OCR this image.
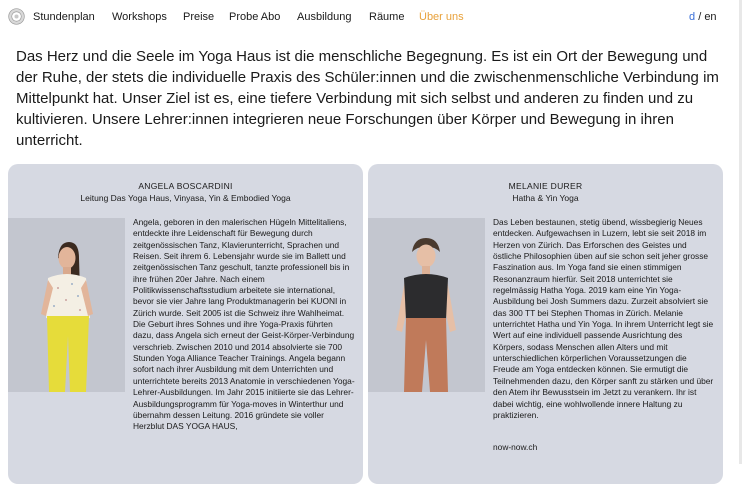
Stundenplan Workshops Preise Probe Abo Ausbildung Räume Über uns	d / en

Das Herz und die Seele im Yoga Haus ist die menschliche Begegnung. Es ist ein Ort der Bewegung und der Ruhe, der stets die individuelle Praxis des Schüler:innen und die zwischenmenschliche Verbindung im Mittelpunkt hat. Unser Ziel ist es, eine tiefere Verbindung mit sich selbst und anderen zu finden und zu kultivieren. Unsere Lehrer:innen integrieren neue Forschungen über Körper und Bewegung in ihren unterricht.

ANGELA BOSCARDINI
Leitung Das Yoga Haus, Vinyasa, Yin & Embodied Yoga

Angela, geboren in den malerischen Hügeln Mittelitaliens, entdeckte ihre Leidenschaft für Bewegung durch zeitgenössischen Tanz, Klavierunterricht, Sprachen und Reisen. Seit ihrem 6. Lebensjahr wurde sie im Ballett und zeitgenössischen Tanz geschult, tanzte professionell bis in ihre frühen 20er Jahre. Nach einem Politikwissenschaftsstudium arbeitete sie international, bevor sie vier Jahre lang Produktmanagerin bei KUONI in Zürich wurde. Seit 2005 ist die Schweiz ihre Wahlheimat. Die Geburt ihres Sohnes und ihre Yoga-Praxis führten dazu, dass Angela sich erneut der Geist-Körper-Verbindung verschrieb. Zwischen 2010 und 2014 absolvierte sie 700 Stunden Yoga Alliance Teacher Trainings. Angela begann sofort nach ihrer Ausbildung mit dem Unterrichten und unterrichtete bereits 2013 Anatomie in verschiedenen Yoga-Lehrer-Ausbildungen. Im Jahr 2015 initiierte sie das Lehrer-Ausbildungsprogramm für Yoga-moves in Winterthur und übernahm dessen Leitung. 2016 gründete sie voller Herzblut DAS YOGA HAUS,

MELANIE DURER
Hatha & Yin Yoga

Das Leben bestaunen, stetig übend, wissbegierig Neues entdecken. Aufgewachsen in Luzern, lebt sie seit 2018 im Herzen von Zürich. Das Erforschen des Geistes und östliche Philosophien üben auf sie schon seit jeher grosse Faszination aus. Im Yoga fand sie einen stimmigen Resonanzraum hierfür. Seit 2018 unterrichtet sie regelmässig Hatha Yoga. 2019 kam eine Yin Yoga-Ausbildung bei Josh Summers dazu. Zurzeit absolviert sie das 300 TT bei Stephen Thomas in Zürich. Melanie unterrichtet Hatha und Yin Yoga. In ihrem Unterricht legt sie Wert auf eine individuell passende Ausrichtung des Körpers, sodass Menschen allen Alters und mit unterschiedlichen körperlichen Voraussetzungen die Freude am Yoga entdecken können. Sie ermutigt die Teilnehmenden dazu, den Körper sanft zu stärken und über den Atem ihr Bewusstsein im Jetzt zu verankern. Ihr ist dabei wichtig, eine wohlwollende innere Haltung zu praktizieren.

now-now.ch
